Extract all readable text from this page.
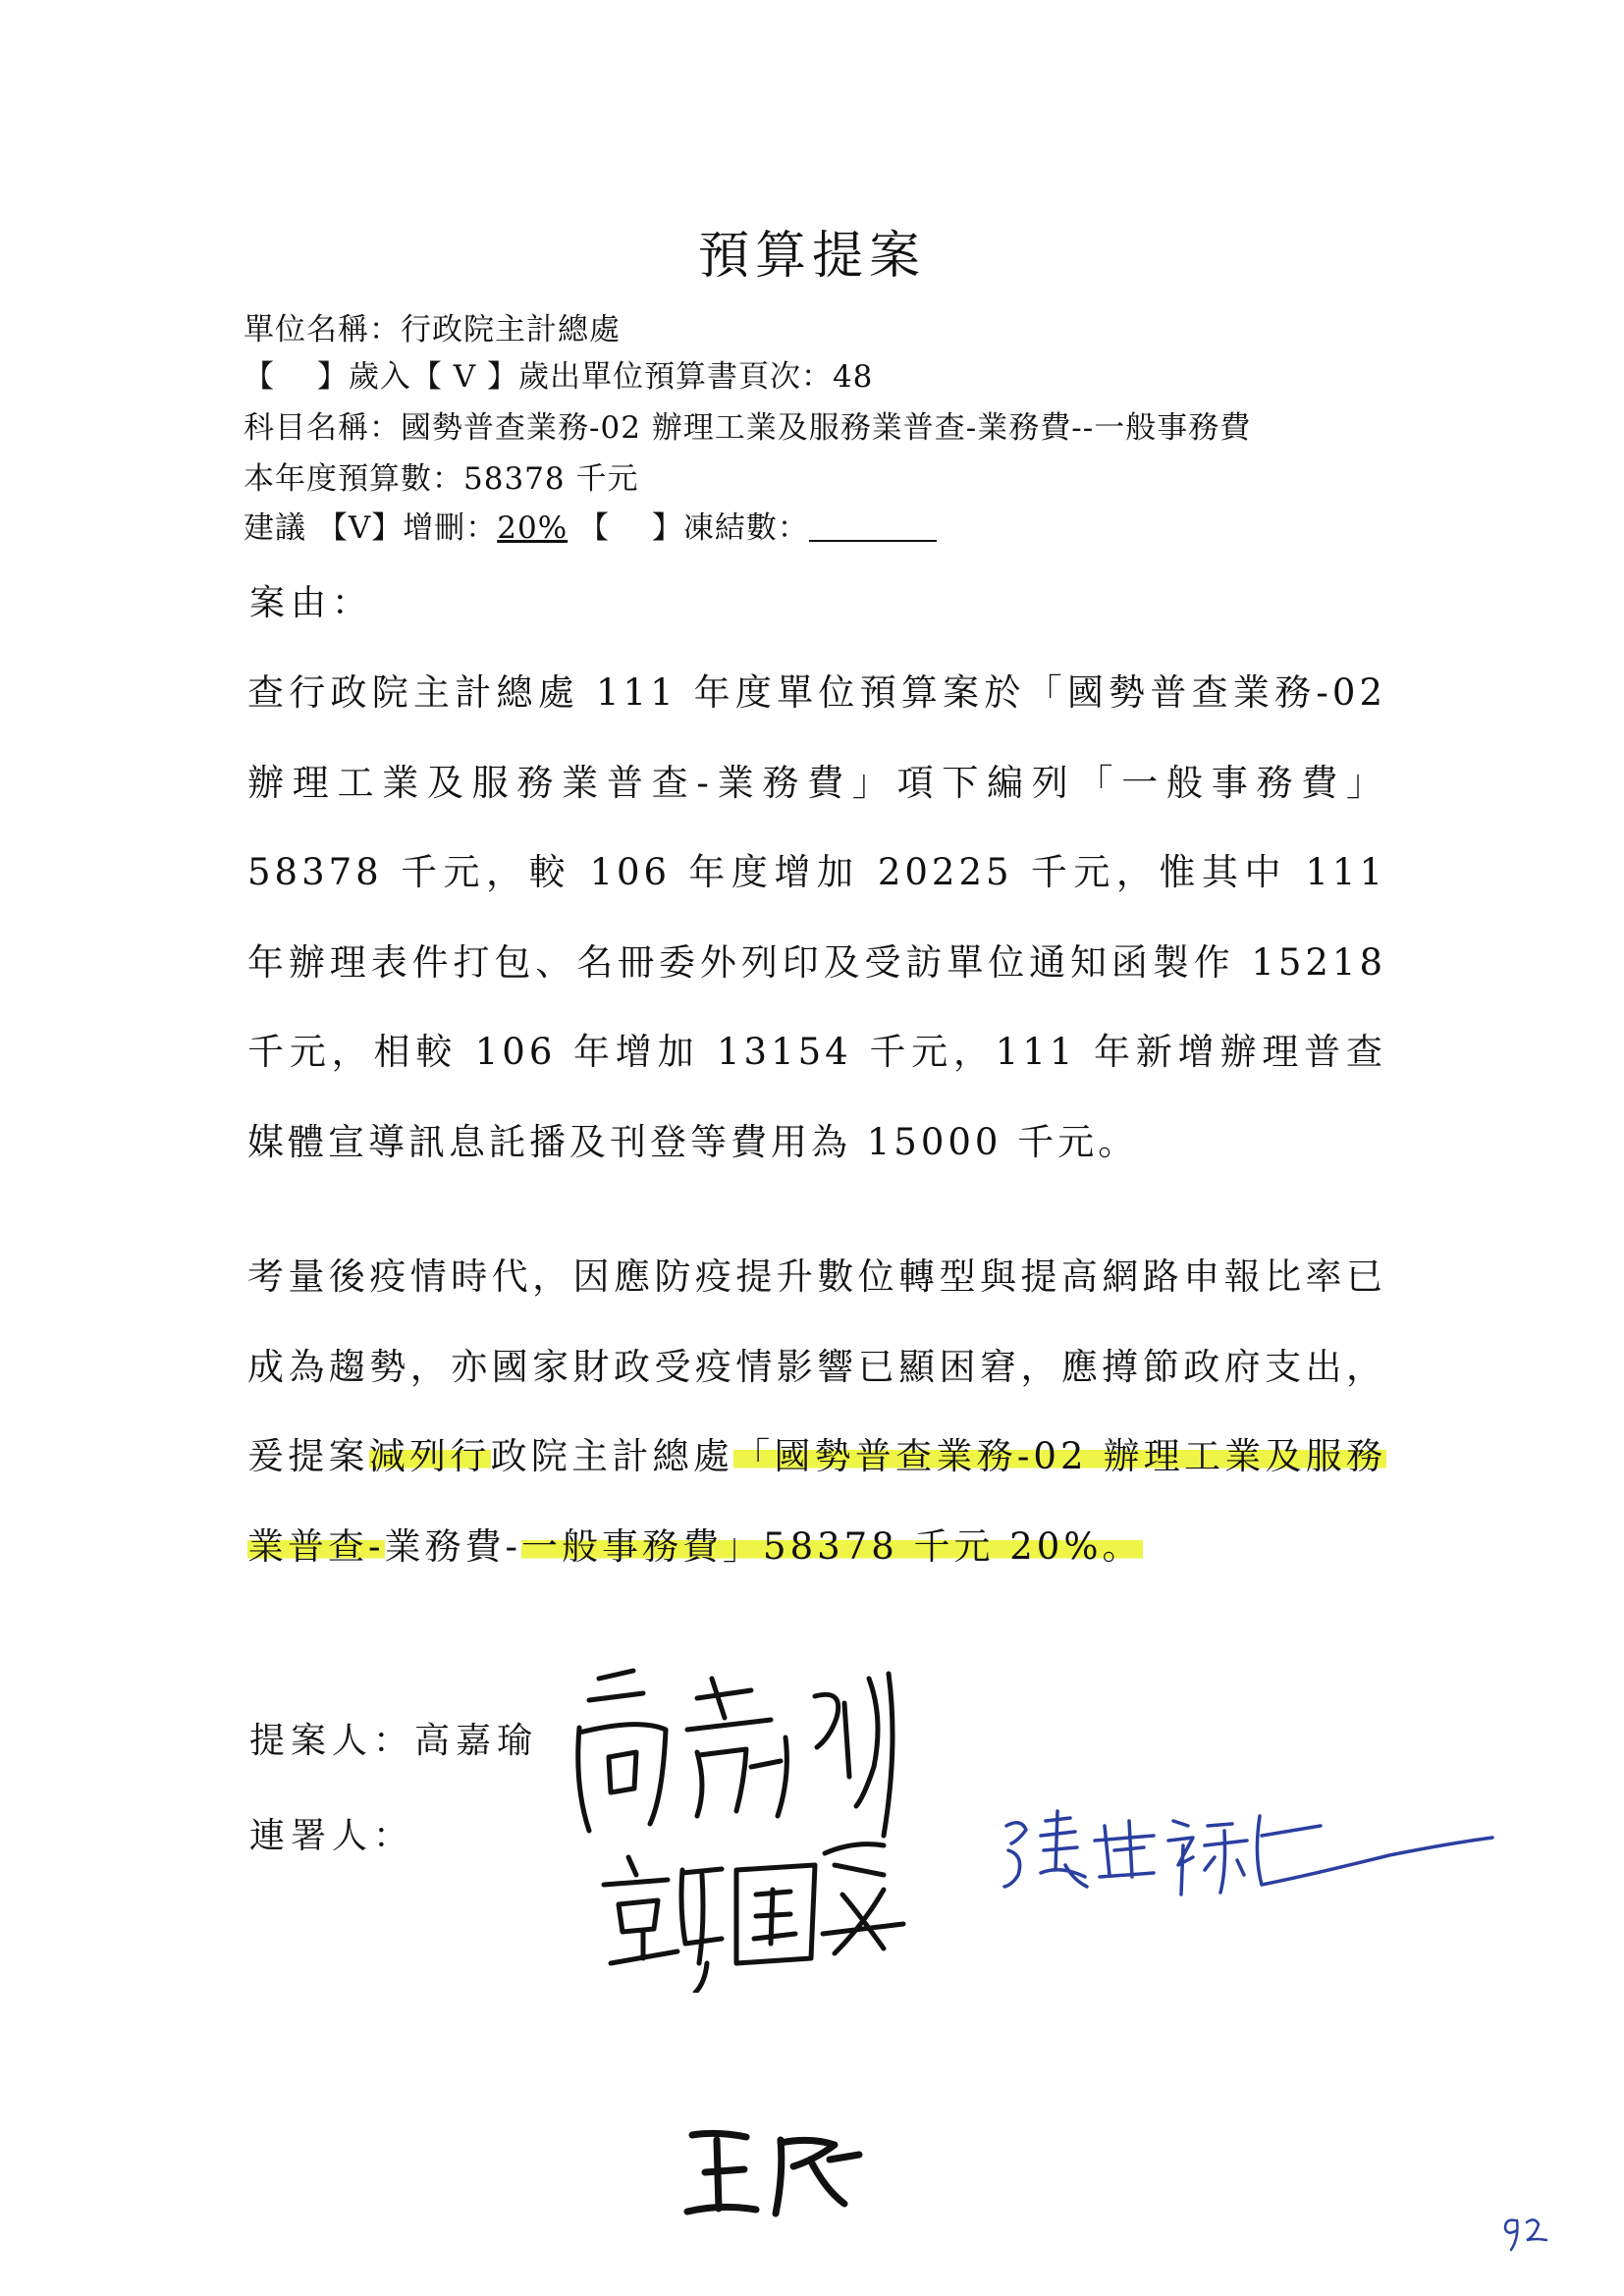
預算提案
單位名稱：行政院主計總處
【　 】歲入【 V 】歲出單位預算書頁次：48
科目名稱：國勢普查業務-02 辦理工業及服務業普查-業務費--一般事務費
本年度預算數：58378 千元
建議 【V】增刪：20% 【　 】凍結數：
案由：
查行政院主計總處 111 年度單位預算案於「國勢普查業務-02 辦理工業及服務業普查-業務費」項下編列「一般事務費」58378 千元，較 106 年度增加 20225 千元，惟其中 111 年辦理表件打包、名冊委外列印及受訪單位通知函製作 15218 千元，相較 106 年增加 13154 千元，111 年新增辦理普查媒體宣導訊息託播及刊登等費用為 15000 千元。
考量後疫情時代，因應防疫提升數位轉型與提高網路申報比率已成為趨勢，亦國家財政受疫情影響已顯困窘，應撙節政府支出，爰提案減列行政院主計總處「國勢普查業務-02 辦理工業及服務業普查-業務費-一般事務費」58378 千元 20%。
提案人：高嘉瑜
連署人：
